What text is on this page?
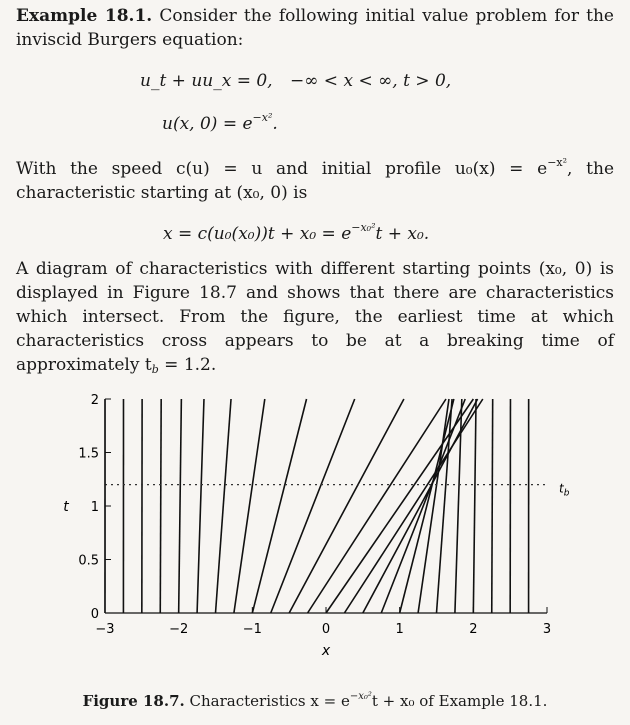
Example 18.1. Consider the following initial value problem for the inviscid Burgers equation:
u_t + uu_x = 0, −∞ < x < ∞, t > 0,
u(x, $0) = e^{-x^2}$.
With the speed c(u) = u and initial profile $u_0(x) = e^{-x^2}$, the characteristic starting at (x₀, 0) is
$x = c(u_0(x_0))t + x_0 = e^{-x_0^2}t + x_0$.
A diagram of characteristics with different starting points (x₀, 0) is displayed in Figure 18.7 and shows that there are characteristics which intersect. From the figure, the earliest time at which characteristics cross appears to be at a breaking time of approximately tb = 1.2.
−3	−2	−1	0	1	2	3
0
0.5
1
1.5
2
x
t
$t_b$
Figure 18.7. Characteristics $x = e^{-x_0^2}t + x_0$ of Example 18.1.
